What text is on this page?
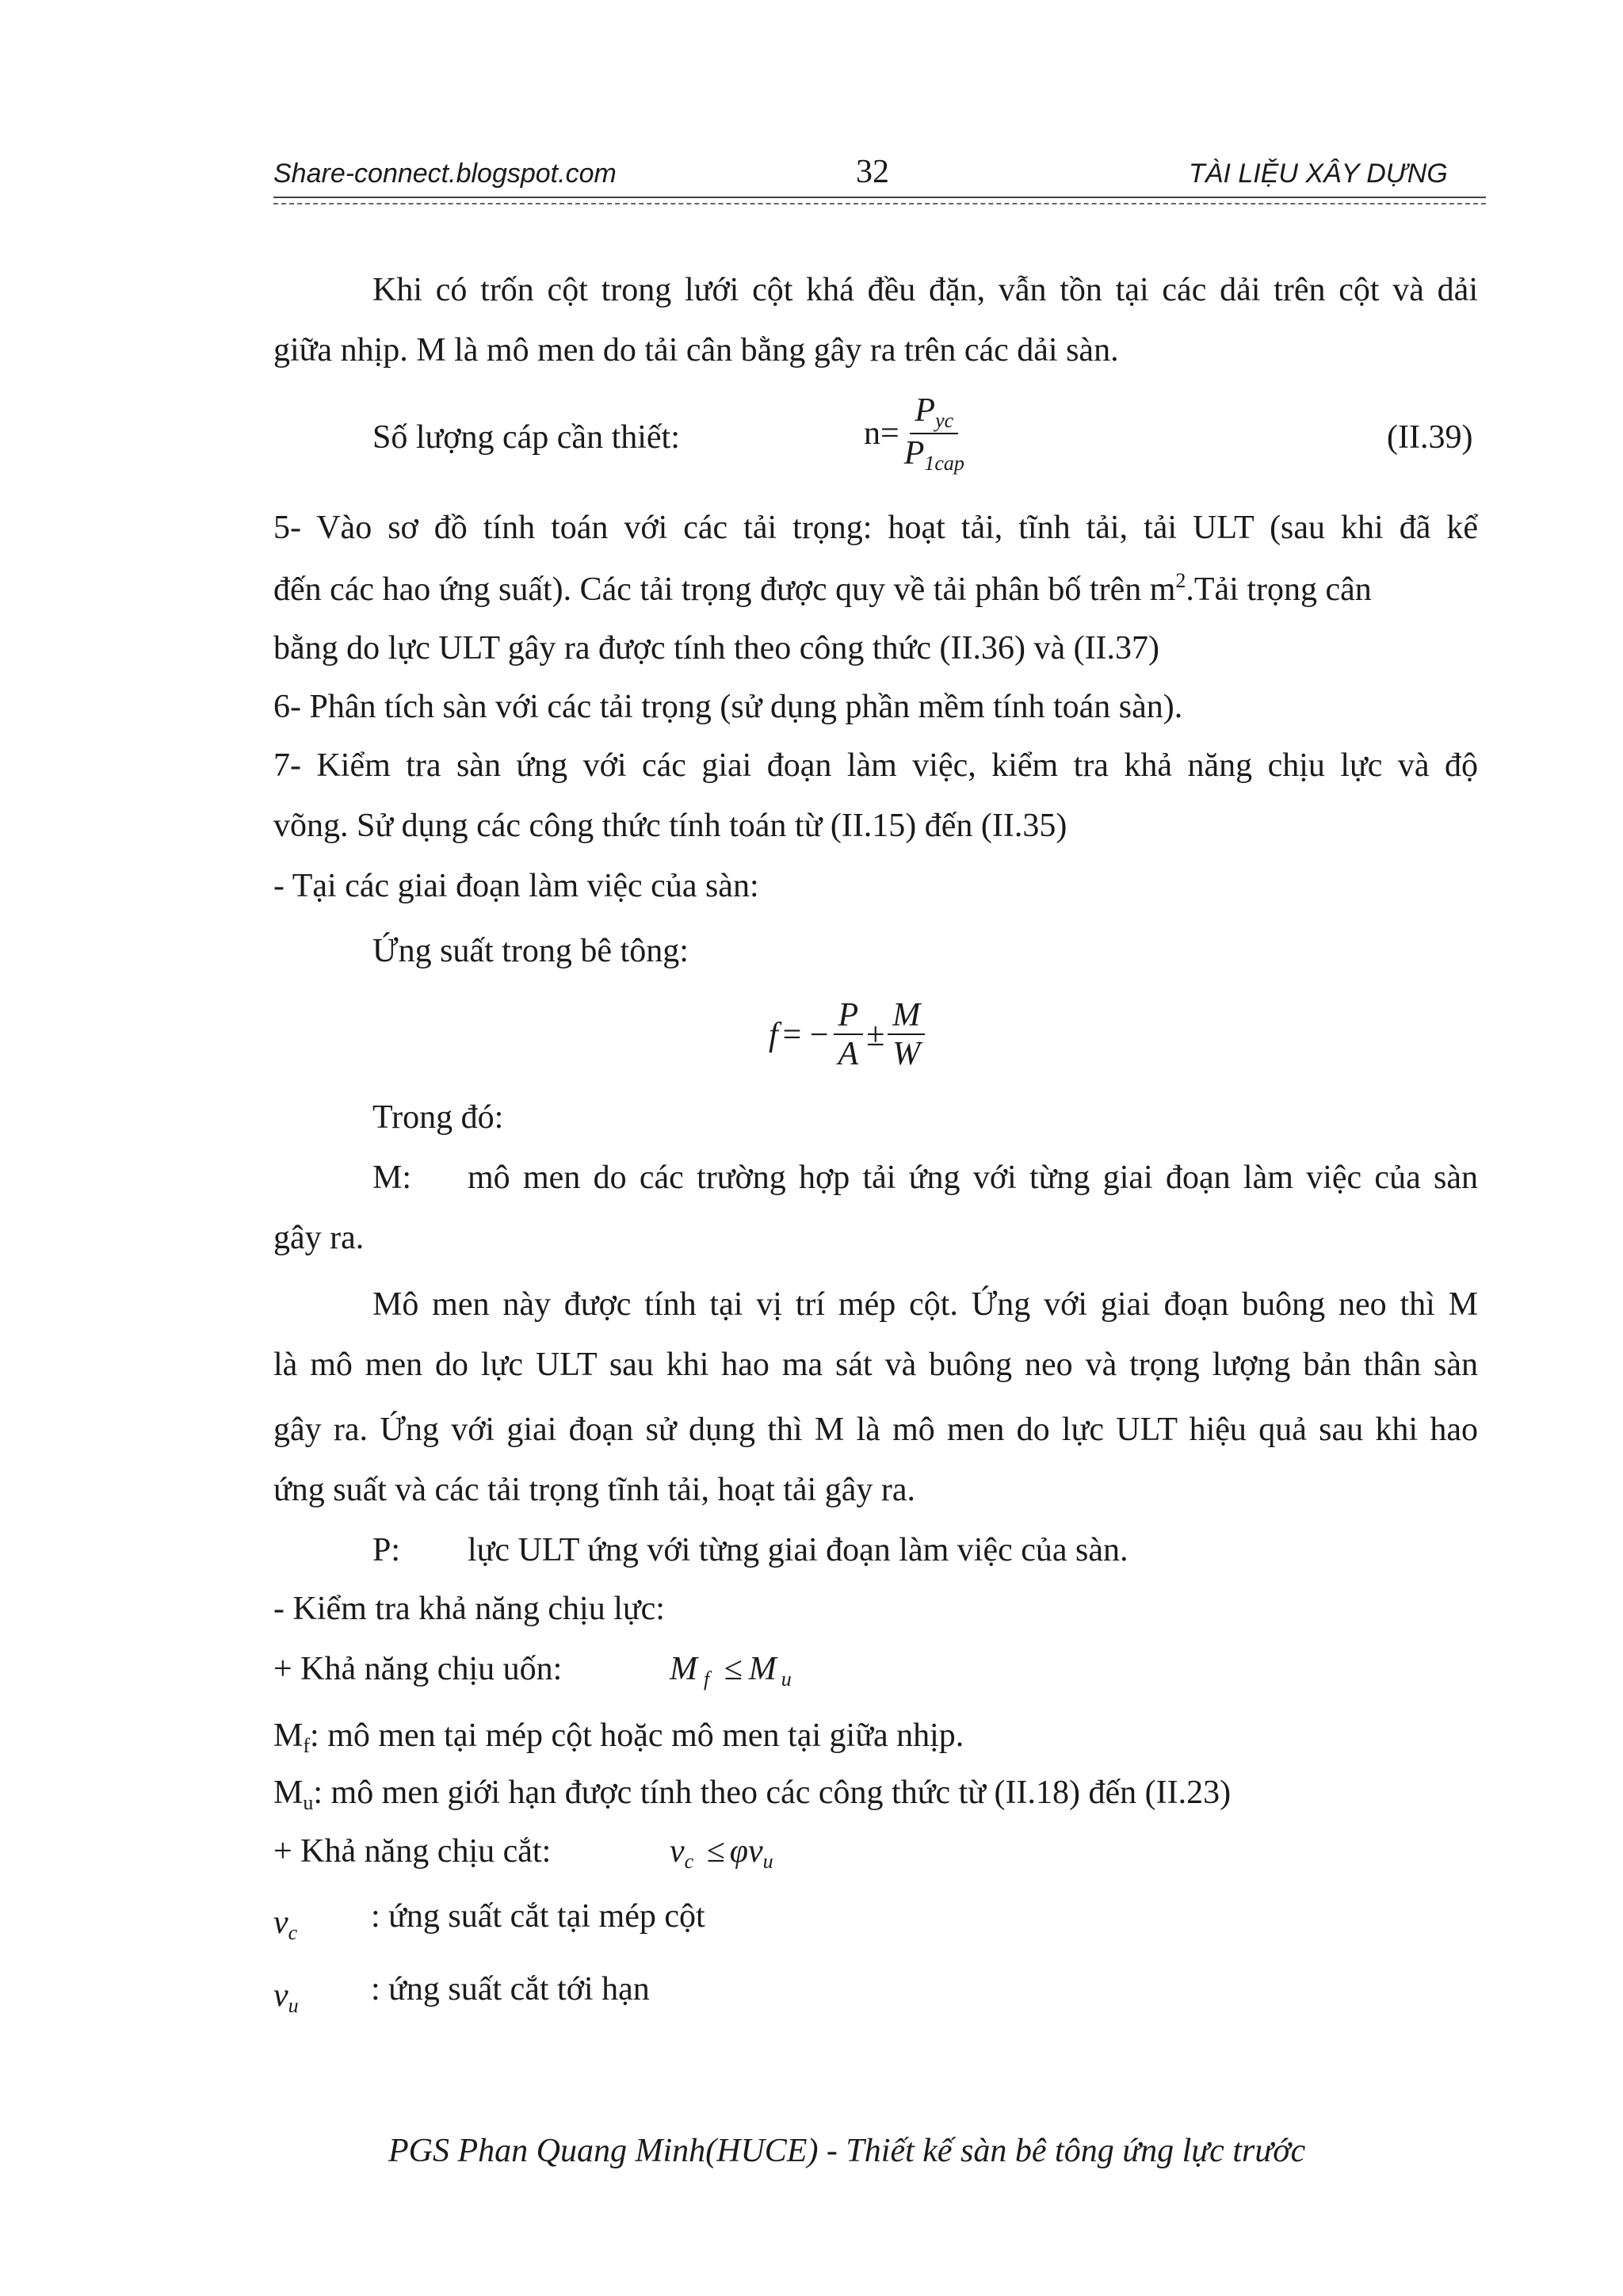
Share-connect.blogspot.com	32	TÀI LIỆU XÂY DỰNG
Khi có trốn cột trong lưới cột khá đều đặn, vẫn tồn tại các dải trên cột và dải
giữa nhịp. M là mô men do tải cân bằng gây ra trên các dải sàn.
Số lượng cáp cần thiết:	$n= \frac{P_{yc}}{P_{1cap}}$	(II.39)
5- Vào sơ đồ tính toán với các tải trọng: hoạt tải, tĩnh tải, tải ULT (sau khi đã kể
đến các hao ứng suất). Các tải trọng được quy về tải phân bố trên $m^2.Tải$ trọng cân
bằng do lực ULT gây ra được tính theo công thức (II.36) và (II.37)
6- Phân tích sàn với các tải trọng (sử dụng phần mềm tính toán sàn).
7- Kiểm tra sàn ứng với các giai đoạn làm việc, kiểm tra khả năng chịu lực và độ
võng. Sử dụng các công thức tính toán từ (II.15) đến (II.35)
- Tại các giai đoạn làm việc của sàn:
Ứng suất trong bê tông:
f = − $\frac{P}{A} \pm \frac{M}{W}$
Trong đó:
M: mô men do các trường hợp tải ứng với từng giai đoạn làm việc của sàn
gây ra.
Mô men này được tính tại vị trí mép cột. Ứng với giai đoạn buông neo thì M
là mô men do lực ULT sau khi hao ma sát và buông neo và trọng lượng bản thân sàn
gây ra. Ứng với giai đoạn sử dụng thì M là mô men do lực ULT hiệu quả sau khi hao
ứng suất và các tải trọng tĩnh tải, hoạt tải gây ra.
P: lực ULT ứng với từng giai đoạn làm việc của sàn.
- Kiểm tra khả năng chịu lực:
+ Khả năng chịu uốn:	M $_f$ ≤ M $_u$
$M_f$: mô men tại mép cột hoặc mô men tại giữa nhịp.
$M_u$: mô men giới hạn được tính theo các công thức từ (II.18) đến (II.23)
+ Khả năng chịu cắt:	$v_c \le \varphi\nu_u$
$v_c$ : ứng suất cắt tại mép cột
$v_u$ : ứng suất cắt tới hạn
PGS Phan Quang Minh(HUCE) - Thiết kế sàn bê tông ứng lực trước
